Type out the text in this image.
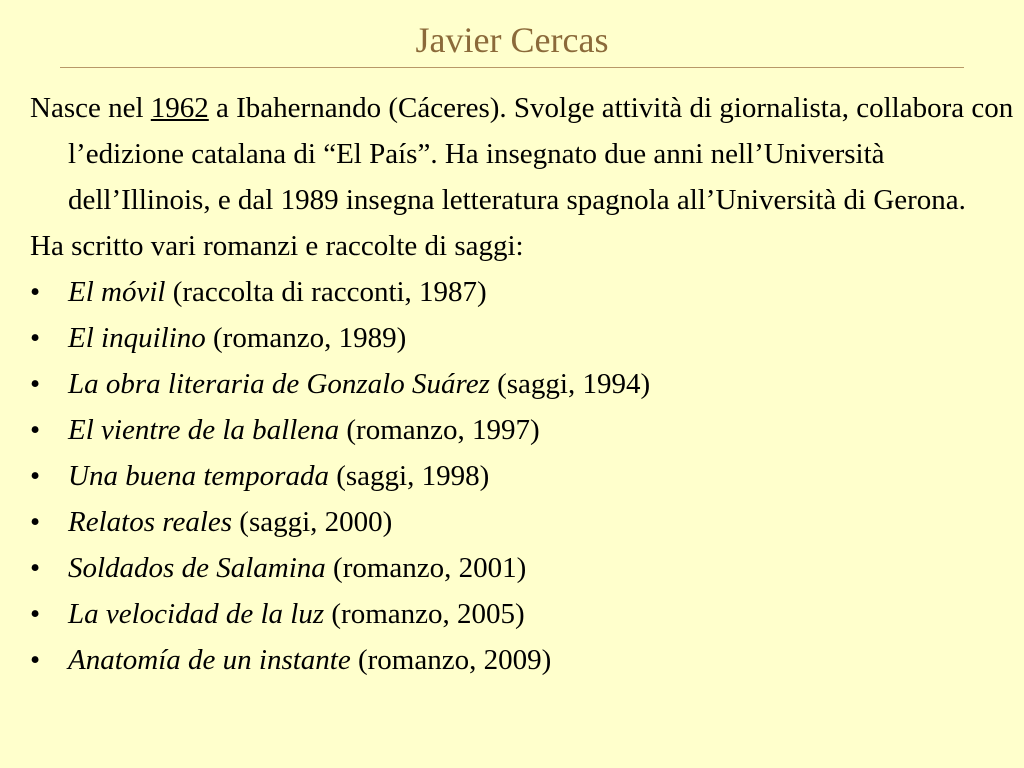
Javier Cercas

Nasce nel 1962 a Ibahernando (Cáceres). Svolge attività di giornalista, collabora con l’edizione catalana di “El País”. Ha insegnato due anni nell’Università dell’Illinois, e dal 1989 insegna letteratura spagnola all’Università di Gerona.

Ha scritto vari romanzi e raccolte di saggi:

• El móvil (raccolta di racconti, 1987)
• El inquilino (romanzo, 1989)
• La obra literaria de Gonzalo Suárez (saggi, 1994)
• El vientre de la ballena (romanzo, 1997)
• Una buena temporada (saggi, 1998)
• Relatos reales (saggi, 2000)
• Soldados de Salamina (romanzo, 2001)
• La velocidad de la luz (romanzo, 2005)
• Anatomía de un instante (romanzo, 2009)
